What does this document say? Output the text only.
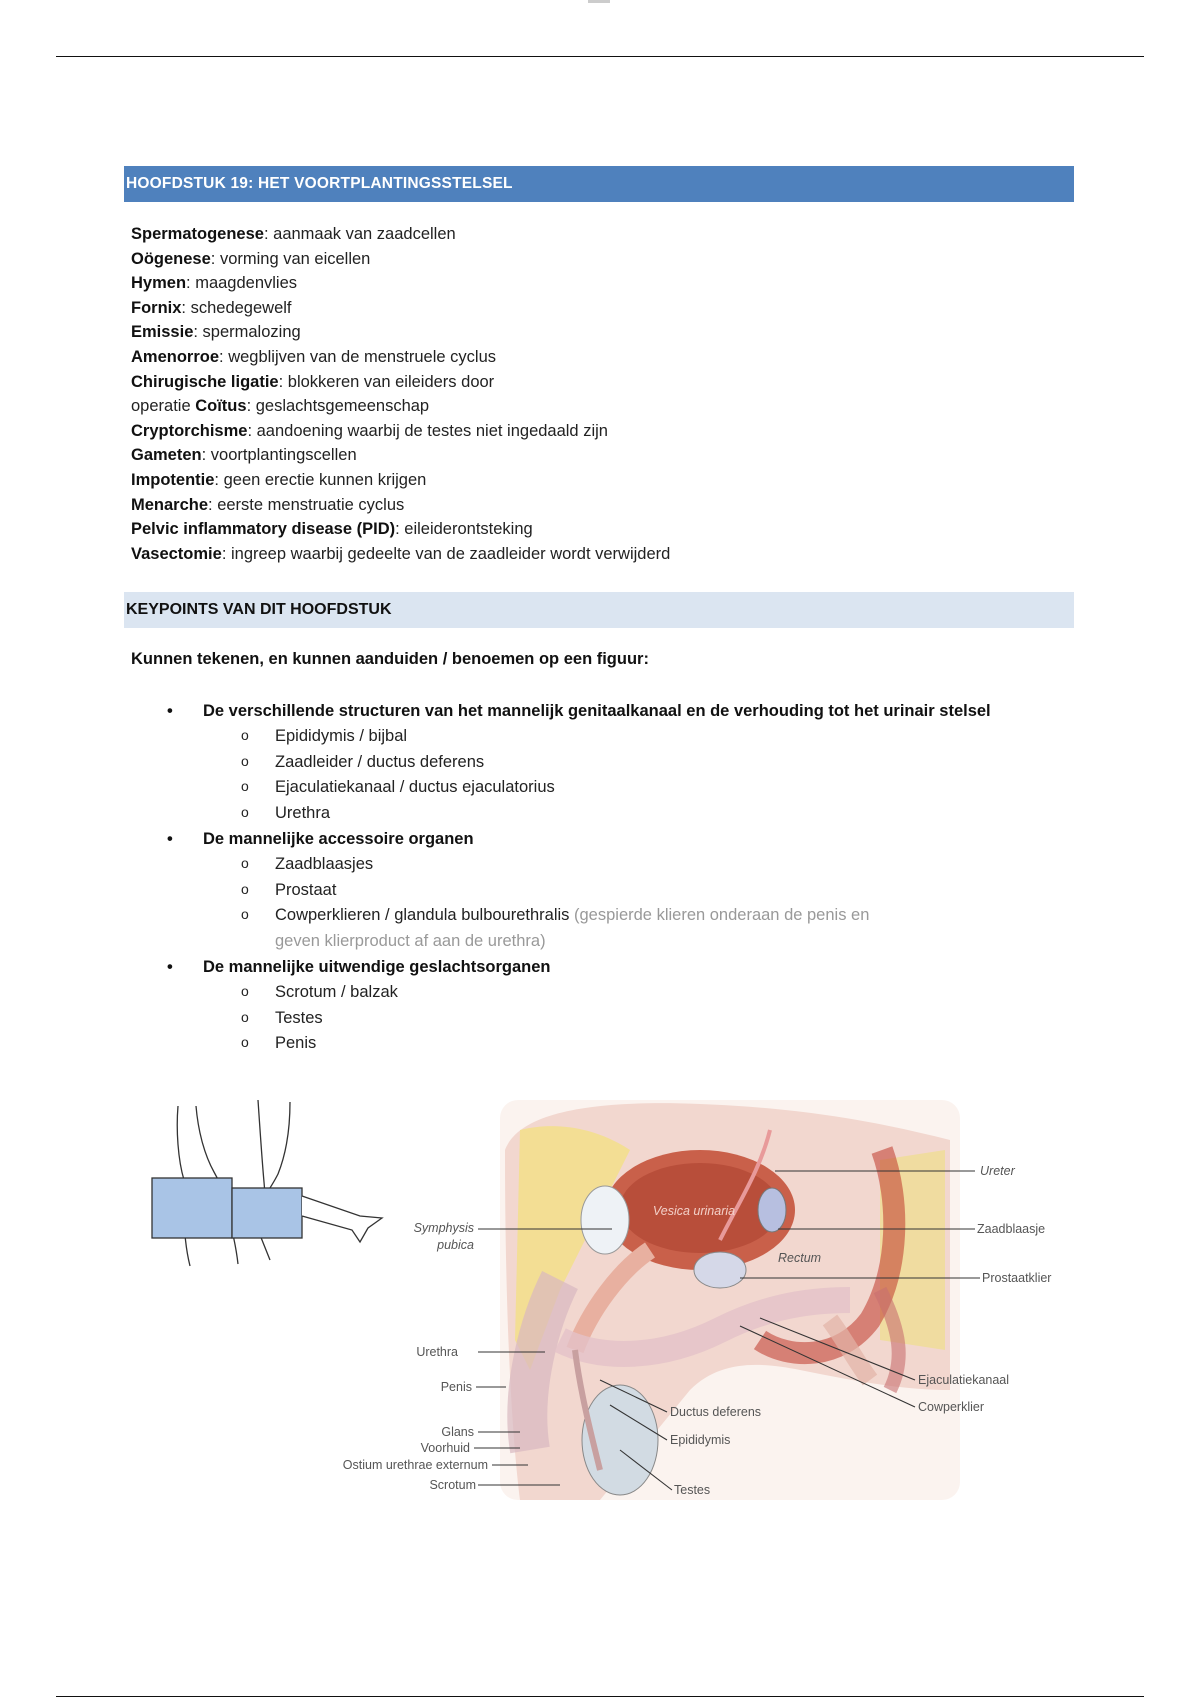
HOOFDSTUK 19: HET VOORTPLANTINGSSTELSEL
Spermatogenese: aanmaak van zaadcellen
Oögenese: vorming van eicellen
Hymen: maagdenvlies
Fornix: schedegewelf
Emissie: spermalozing
Amenorroe: wegblijven van de menstruele cyclus
Chirugische ligatie: blokkeren van eileiders door
operatie Coïtus: geslachtsgemeenschap
Cryptorchisme: aandoening waarbij de testes niet ingedaald zijn
Gameten: voortplantingscellen
Impotentie: geen erectie kunnen krijgen
Menarche: eerste menstruatie cyclus
Pelvic inflammatory disease (PID): eileiderontsteking
Vasectomie: ingreep waarbij gedeelte van de zaadleider wordt verwijderd
KEYPOINTS VAN DIT HOOFDSTUK
Kunnen tekenen, en kunnen aanduiden / benoemen op een figuur:
• De verschillende structuren van het mannelijk genitaalkanaal en de verhouding tot het urinair stelsel
o Epididymis / bijbal
o Zaadleider / ductus deferens
o Ejaculatiekanaal / ductus ejaculatorius
o Urethra
• De mannelijke accessoire organen
o Zaadblaasjes
o Prostaat
o Cowperklieren / glandula bulbourethralis (gespierde klieren onderaan de penis en
geven klierproduct af aan de urethra)
• De mannelijke uitwendige geslachtsorganen
o Scrotum / balzak
o Testes
o Penis
Ureter
Zaadblaasje
Prostaatklier
Ejaculatiekanaal
Cowperklier
Symphysis
pubica
Vesica urinaria
Rectum
Urethra
Penis
Glans
Voorhuid
Ostium urethrae externum
Scrotum
Ductus deferens
Epididymis
Testes
